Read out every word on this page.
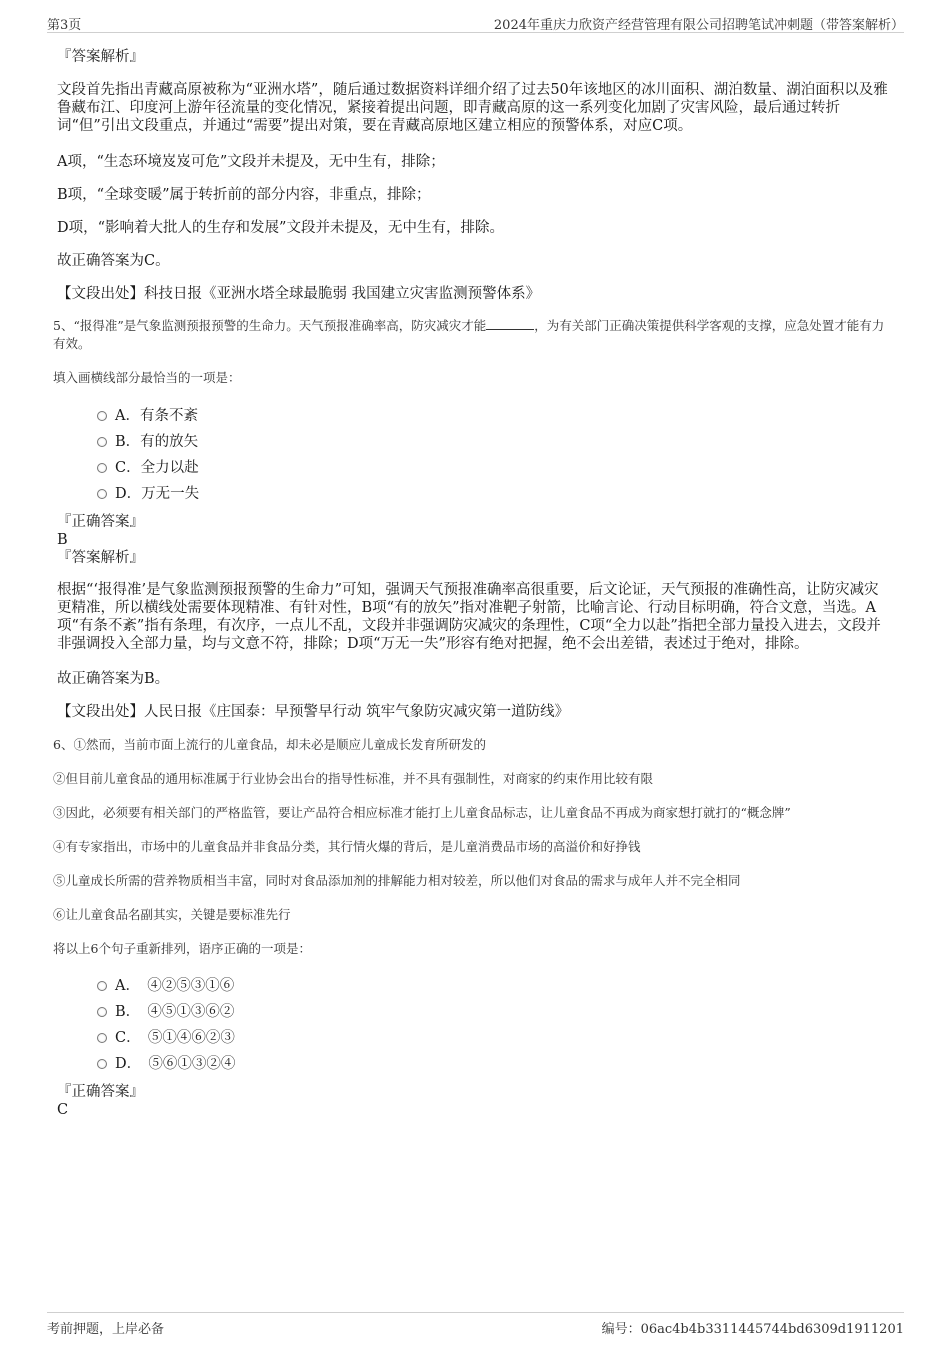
第3页	2024年重庆力欣资产经营管理有限公司招聘笔试冲刺题（带答案解析）

『答案解析』

文段首先指出青藏高原被称为“亚洲水塔”，随后通过数据资料详细介绍了过去50年该地区的冰川面积、湖泊数量、湖泊面积以及雅鲁藏布江、印度河上游年径流量的变化情况，紧接着提出问题，即青藏高原的这一系列变化加剧了灾害风险，最后通过转折词“但”引出文段重点，并通过“需要”提出对策，要在青藏高原地区建立相应的预警体系，对应C项。

A项，“生态环境岌岌可危”文段并未提及，无中生有，排除；

B项，“全球变暖”属于转折前的部分内容，非重点，排除；

D项，“影响着大批人的生存和发展”文段并未提及，无中生有，排除。

故正确答案为C。

【文段出处】科技日报《亚洲水塔全球最脆弱 我国建立灾害监测预警体系》

5、“报得准”是气象监测预报预警的生命力。天气预报准确率高，防灾减灾才能	，为有关部门正确决策提供科学客观的支撑，应急处置才能有力有效。

填入画横线部分最恰当的一项是：

A．有条不紊
B．有的放矢
C．全力以赴
D．万无一失

『正确答案』

B

『答案解析』

根据“‘报得准’是气象监测预报预警的生命力”可知，强调天气预报准确率高很重要，后文论证，天气预报的准确性高，让防灾减灾更精准，所以横线处需要体现精准、有针对性，B项“有的放矢”指对准靶子射箭，比喻言论、行动目标明确，符合文意，当选。A项“有条不紊”指有条理，有次序，一点儿不乱，文段并非强调防灾减灾的条理性，C项“全力以赴”指把全部力量投入进去，文段并非强调投入全部力量，均与文意不符，排除；D项“万无一失”形容有绝对把握，绝不会出差错，表述过于绝对，排除。

故正确答案为B。

【文段出处】人民日报《庄国泰：早预警早行动 筑牢气象防灾减灾第一道防线》

6、①然而，当前市面上流行的儿童食品，却未必是顺应儿童成长发育所研发的

②但目前儿童食品的通用标准属于行业协会出台的指导性标准，并不具有强制性，对商家的约束作用比较有限

③因此，必须要有相关部门的严格监管，要让产品符合相应标准才能打上儿童食品标志，让儿童食品不再成为商家想打就打的“概念牌”

④有专家指出，市场中的儿童食品并非食品分类，其行情火爆的背后，是儿童消费品市场的高溢价和好挣钱

⑤儿童成长所需的营养物质相当丰富，同时对食品添加剂的排解能力相对较差，所以他们对食品的需求与成年人并不完全相同

⑥让儿童食品名副其实，关键是要标准先行

将以上6个句子重新排列，语序正确的一项是：

A．　④②⑤③①⑥
B．　④⑤①③⑥②
C．　⑤①④⑥②③
D．　⑤⑥①③②④

『正确答案』

C

考前押题，上岸必备	编号：06ac4b4b3311445744bd6309d1911201
